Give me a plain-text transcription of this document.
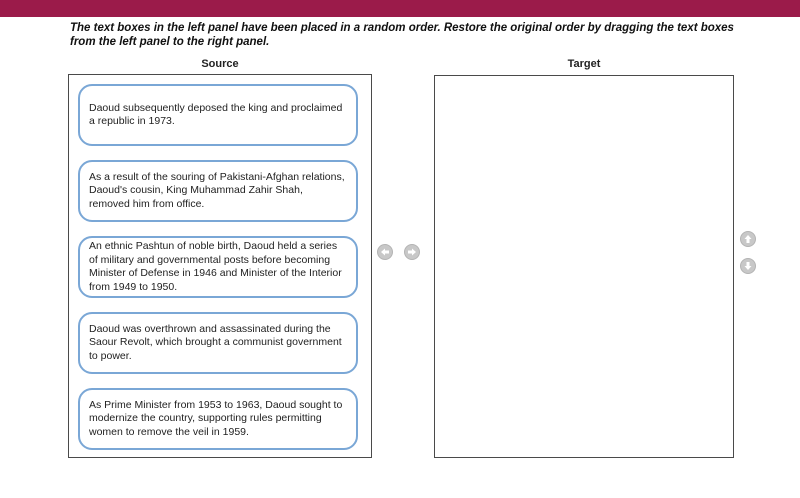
The text boxes in the left panel have been placed in a random order. Restore the original order by dragging the text boxes from the left panel to the right panel.
Source	Target
Daoud subsequently deposed the king and proclaimed a republic in 1973.
As a result of the souring of Pakistani-Afghan relations, Daoud's cousin, King Muhammad Zahir Shah, removed him from office.
An ethnic Pashtun of noble birth, Daoud held a series of military and governmental posts before becoming Minister of Defense in 1946 and Minister of the Interior from 1949 to 1950.
Daoud was overthrown and assassinated during the Saour Revolt, which brought a communist government to power.
As Prime Minister from 1953 to 1963, Daoud sought to modernize the country, supporting rules permitting women to remove the veil in 1959.
